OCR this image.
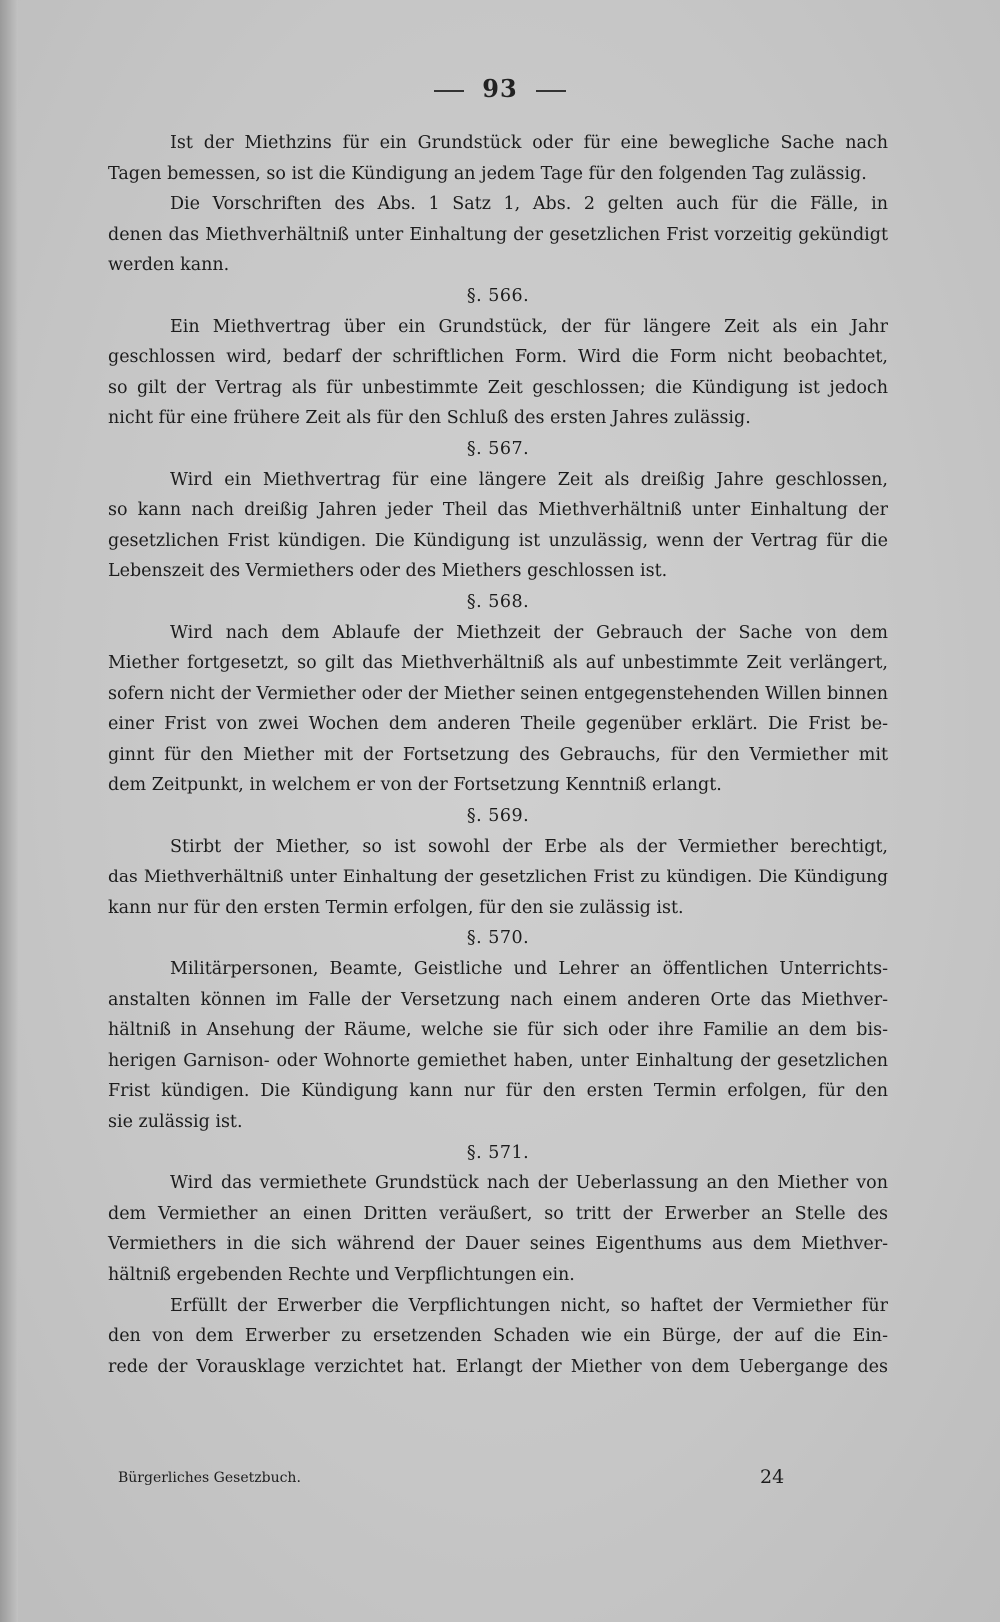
93
Ist der Miethzins für ein Grundstück oder für eine bewegliche Sache nach
Tagen bemessen, so ist die Kündigung an jedem Tage für den folgenden Tag zulässig.
Die Vorschriften des Abs. 1 Satz 1, Abs. 2 gelten auch für die Fälle, in
denen das Miethverhältniß unter Einhaltung der gesetzlichen Frist vorzeitig gekündigt
werden kann.
§. 566.
Ein Miethvertrag über ein Grundstück, der für längere Zeit als ein Jahr
geschlossen wird, bedarf der schriftlichen Form. Wird die Form nicht beobachtet,
so gilt der Vertrag als für unbestimmte Zeit geschlossen; die Kündigung ist jedoch
nicht für eine frühere Zeit als für den Schluß des ersten Jahres zulässig.
§. 567.
Wird ein Miethvertrag für eine längere Zeit als dreißig Jahre geschlossen,
so kann nach dreißig Jahren jeder Theil das Miethverhältniß unter Einhaltung der
gesetzlichen Frist kündigen. Die Kündigung ist unzulässig, wenn der Vertrag für die
Lebenszeit des Vermiethers oder des Miethers geschlossen ist.
§. 568.
Wird nach dem Ablaufe der Miethzeit der Gebrauch der Sache von dem
Miether fortgesetzt, so gilt das Miethverhältniß als auf unbestimmte Zeit verlängert,
sofern nicht der Vermiether oder der Miether seinen entgegenstehenden Willen binnen
einer Frist von zwei Wochen dem anderen Theile gegenüber erklärt. Die Frist be-
ginnt für den Miether mit der Fortsetzung des Gebrauchs, für den Vermiether mit
dem Zeitpunkt, in welchem er von der Fortsetzung Kenntniß erlangt.
§. 569.
Stirbt der Miether, so ist sowohl der Erbe als der Vermiether berechtigt,
das Miethverhältniß unter Einhaltung der gesetzlichen Frist zu kündigen. Die Kündigung
kann nur für den ersten Termin erfolgen, für den sie zulässig ist.
§. 570.
Militärpersonen, Beamte, Geistliche und Lehrer an öffentlichen Unterrichts-
anstalten können im Falle der Versetzung nach einem anderen Orte das Miethver-
hältniß in Ansehung der Räume, welche sie für sich oder ihre Familie an dem bis-
herigen Garnison- oder Wohnorte gemiethet haben, unter Einhaltung der gesetzlichen
Frist kündigen. Die Kündigung kann nur für den ersten Termin erfolgen, für den
sie zulässig ist.
§. 571.
Wird das vermiethete Grundstück nach der Ueberlassung an den Miether von
dem Vermiether an einen Dritten veräußert, so tritt der Erwerber an Stelle des
Vermiethers in die sich während der Dauer seines Eigenthums aus dem Miethver-
hältniß ergebenden Rechte und Verpflichtungen ein.
Erfüllt der Erwerber die Verpflichtungen nicht, so haftet der Vermiether für
den von dem Erwerber zu ersetzenden Schaden wie ein Bürge, der auf die Ein-
rede der Vorausklage verzichtet hat. Erlangt der Miether von dem Uebergange des
Bürgerliches Gesetzbuch.	24
